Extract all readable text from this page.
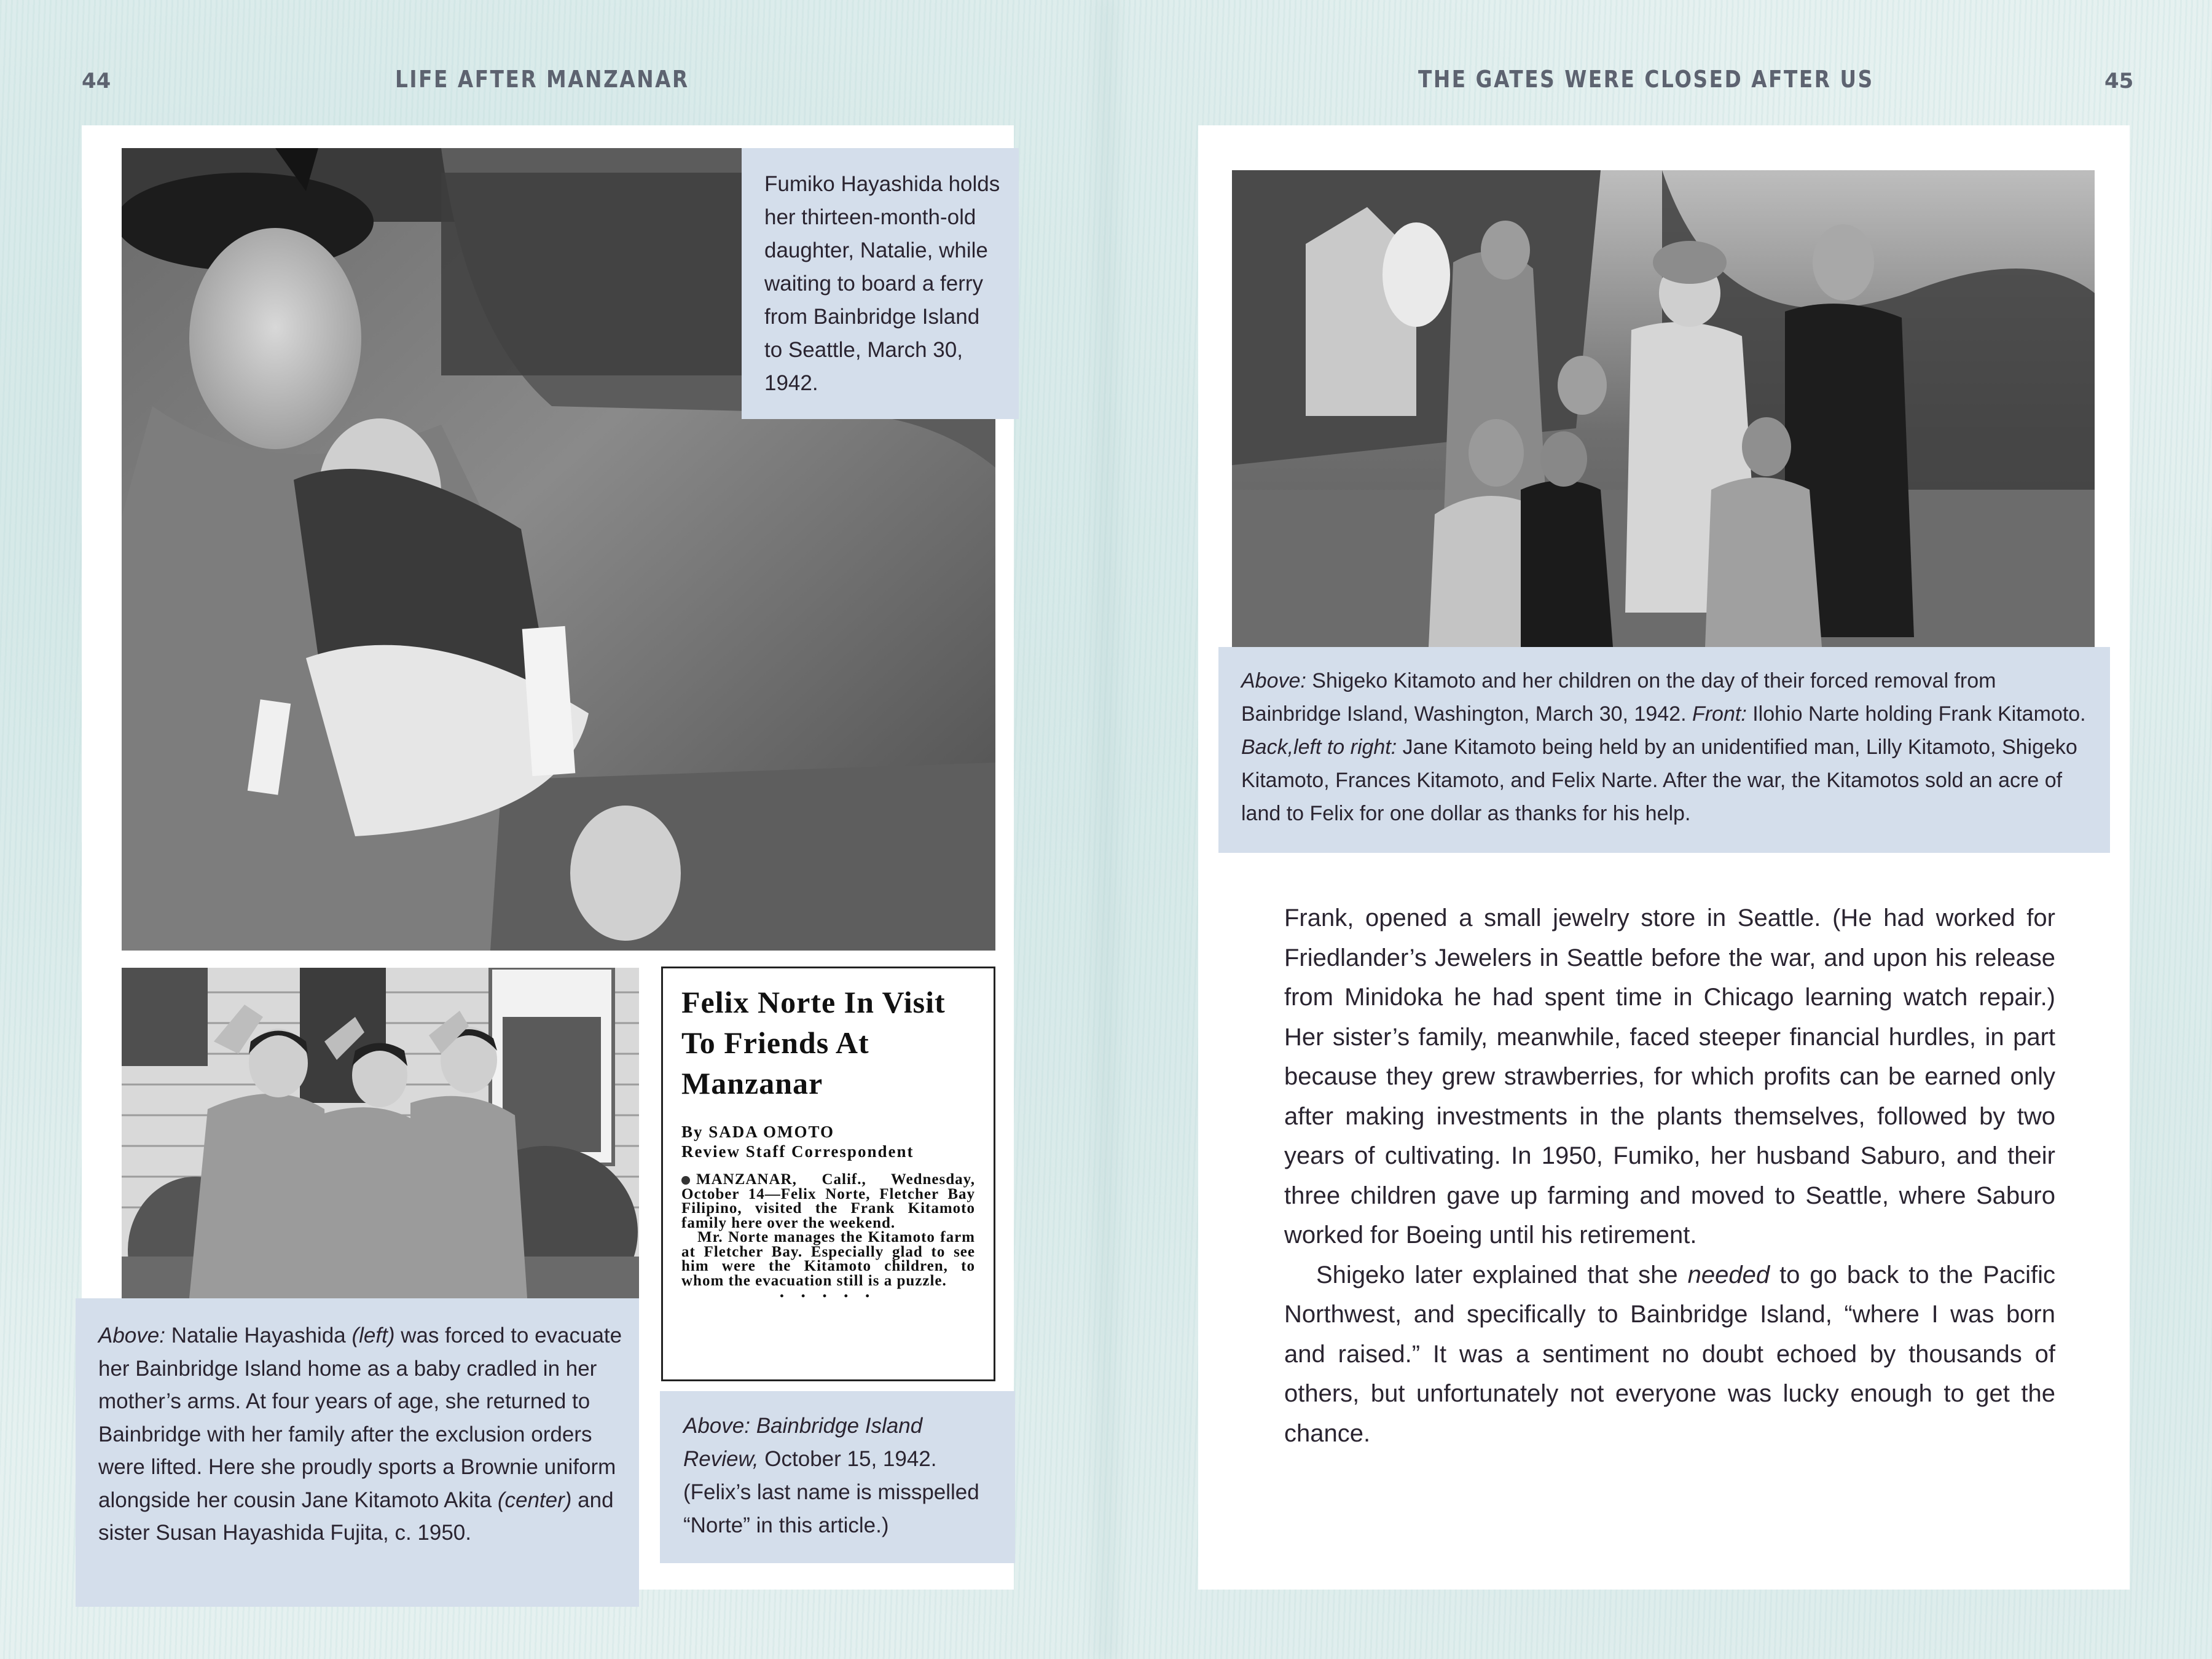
44	LIFE AFTER MANZANAR

Fumiko Hayashida holds her thirteen-month-old daughter, Natalie, while waiting to board a ferry from Bainbridge Island to Seattle, March 30, 1942.

Above: Natalie Hayashida (left) was forced to evacuate her Bainbridge Island home as a baby cradled in her mother’s arms. At four years of age, she returned to Bainbridge with her family after the exclusion orders were lifted. Here she proudly sports a Brownie uniform alongside her cousin Jane Kitamoto Akita (center) and sister Susan Hayashida Fujita, c. 1950.

Felix Norte In Visit To Friends At Manzanar

By SADA OMOTO

Review Staff Correspondent

MANZANAR, Calif., Wednesday, October 14—Felix Norte, Fletcher Bay Filipino, visited the Frank Kitamoto family here over the weekend.

Mr. Norte manages the Kitamoto farm at Fletcher Bay. Especially glad to see him were the Kitamoto children, to whom the evacuation still is a puzzle.

• • • • •

Above: Bainbridge Island Review, October 15, 1942. (Felix’s last name is misspelled “Norte” in this article.)

THE GATES WERE CLOSED AFTER US	45

Above: Shigeko Kitamoto and her children on the day of their forced removal from Bainbridge Island, Washington, March 30, 1942. Front: Ilohio Narte holding Frank Kitamoto. Back,left to right: Jane Kitamoto being held by an unidentified man, Lilly Kitamoto, Shigeko Kitamoto, Frances Kitamoto, and Felix Narte. After the war, the Kitamotos sold an acre of land to Felix for one dollar as thanks for his help.

Frank, opened a small jewelry store in Seattle. (He had worked for Friedlander’s Jewelers in Seattle before the war, and upon his release from Minidoka he had spent time in Chicago learning watch repair.) Her sister’s family, meanwhile, faced steeper financial hurdles, in part because they grew strawberries, for which profits can be earned only after making investments in the plants themselves, followed by two years of cultivating. In 1950, Fumiko, her husband Saburo, and their three children gave up farming and moved to Seattle, where Saburo worked for Boeing until his retirement.

Shigeko later explained that she needed to go back to the Pacific Northwest, and specifically to Bainbridge Island, “where I was born and raised.” It was a sentiment no doubt echoed by thousands of others, but unfortunately not everyone was lucky enough to get the chance.
